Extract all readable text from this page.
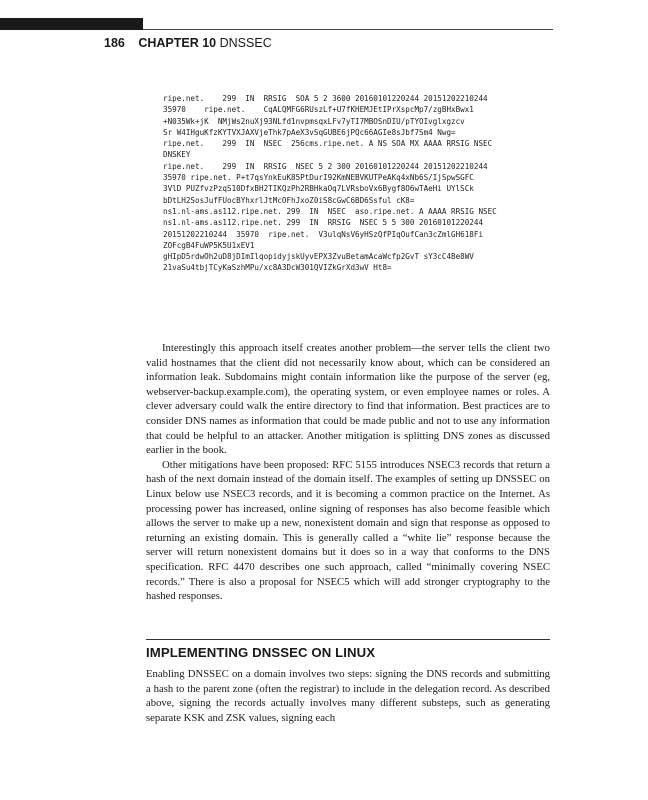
186 CHAPTER 10 DNSSEC
ripe.net.    299  IN  RRSIG  SOA 5 2 3600 20160101220244 20151202210244
35970    ripe.net.    CqALQMFG6RUszLf+U7fKHEMJEtIPrXspcMp7/zgBHxBwx1
+N035Wk+jK  NMjWs2nuXj93NLfd1nvpmsqxLFv7yTI7MBOSnDIU/pTYOIvglxgzcv
Sr W4IHguKfzKYTVXJAXVjeThk7pAeX3vSqGUBE6jPQc66AGIe8sJbf7Sm4 Nwg=
ripe.net.    299  IN  NSEC  256cms.ripe.net. A NS SOA MX AAAA RRSIG NSEC
DNSKEY
ripe.net.    299  IN  RRSIG  NSEC 5 2 300 20160101220244 20151202210244
35970 ripe.net. P+t7qsYnkEuK85PtDurI92KmNEBVKUTPeAKq4xNb6S/IjSpwSGFC
3VlD PUZfvzPzqS10DfxBH2TIKQzPh2RBHkaOq7LVRsboVx6Bygf8O6wTAeHi UYlSCk
bDtLH2SosJufFUocBYhxrlJtMcOFhJxoZ0iS8cGwC6BD6Ssful cK8=
ns1.nl-ams.as112.ripe.net. 299  IN  NSEC  aso.ripe.net. A AAAA RRSIG NSEC
ns1.nl-ams.as112.ripe.net. 299  IN  RRSIG  NSEC 5 5 300 20160101220244
20151202210244  35970  ripe.net.  V3ulqNsV6yHSzQfPIqOufCan3cZmlGH618Fi
ZOFcgB4FuWP5K5U1xEV1
gHIpD5rdwOh2uD8jDImIlqopidyjskUyvEPX3ZvuBetamAcaWcfp2GvT sY3cC4Be8WV
21vaSu4tbjTCyKaSzhMPu/xc8A3DcW301QVIZkGrXd3wV Ht8=

Interestingly this approach itself creates another problem—the server tells the client two valid hostnames that the client did not necessarily know about, which can be considered an information leak. Subdomains might contain information like the purpose of the server (eg, webserver-backup.example.com), the operating system, or even employee names or roles. A clever adversary could walk the entire directory to find that information. Best practices are to consider DNS names as information that could be made public and not to use any information that could be helpful to an attacker. Another mitigation is splitting DNS zones as discussed earlier in the book.

Other mitigations have been proposed: RFC 5155 introduces NSEC3 records that return a hash of the next domain instead of the domain itself. The examples of setting up DNSSEC on Linux below use NSEC3 records, and it is becoming a common practice on the Internet. As processing power has increased, online signing of responses has also become feasible which allows the server to make up a new, nonexistent domain and sign that response as opposed to returning an existing domain. This is generally called a “white lie” response because the server will return nonexistent domains but it does so in a way that conforms to the DNS specification. RFC 4470 describes one such approach, called “minimally covering NSEC records.” There is also a proposal for NSEC5 which will add stronger cryptography to the hashed responses.

IMPLEMENTING DNSSEC ON LINUX

Enabling DNSSEC on a domain involves two steps: signing the DNS records and submitting a hash to the parent zone (often the registrar) to include in the delegation record. As described above, signing the records actually involves many different substeps, such as generating separate KSK and ZSK values, signing each
